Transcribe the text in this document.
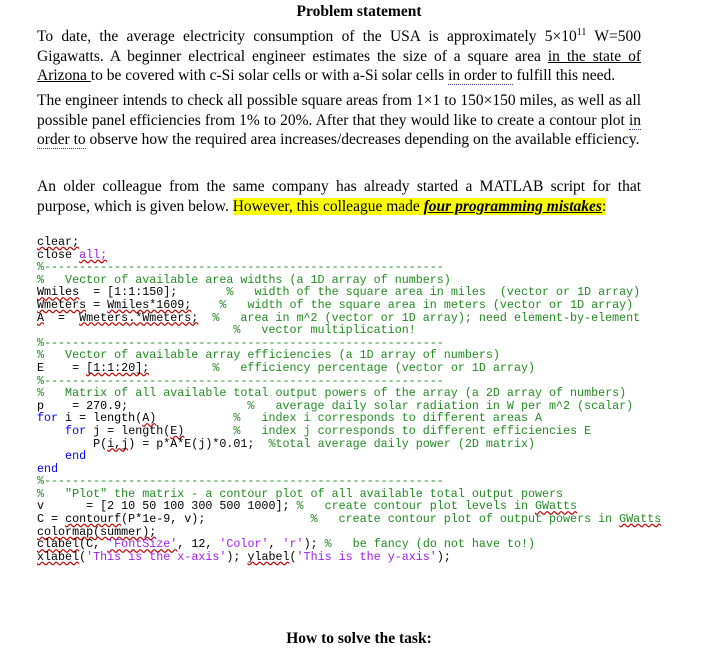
Problem statement
To date, the average electricity consumption of the USA is approximately $5\times 10^{11}$ W=500 Gigawatts. A beginner electrical engineer estimates the size of a square area in the state of Arizona to be covered with c-Si solar cells or with a-Si solar cells in order to fulfill this need.
The engineer intends to check all possible square areas from 1×1 to 150×150 miles, as well as all possible panel efficiencies from 1% to 20%. After that they would like to create a contour plot in order to observe how the required area increases/decreases depending on the available efficiency.
An older colleague from the same company has already started a MATLAB script for that purpose, which is given below. However, this colleague made four programming mistakes:
clear;
close all;
%---------------------------------------------------------
%   Vector of available area widths (a 1D array of numbers)
Wmiles  = [1:1:150];       %   width of the square area in miles  (vector or 1D array)
Wmeters = Wmiles*1609; %   width of the square area in meters (vector or 1D array)
A  =  Wmeters.*Wmeters; %   area in m^2 (vector or 1D array); need element-by-element
%   vector multiplication!
%---------------------------------------------------------
%   Vector of available array efficiencies (a 1D array of numbers)
E    = [1:1:20];         %   efficiency percentage (vector or 1D array)
%---------------------------------------------------------
%   Matrix of all available total output powers of the array (a 2D array of numbers)
p    = 270.9;                 %   average daily solar radiation in W per m^2 (scalar)
for i = length(A)	%   index i corresponds to different areas A
for j = length(E)	%   index j corresponds to different efficiencies E
P(i,j) = p*A*E(j)*0.01;  %total average daily power (2D matrix)
end
end
%---------------------------------------------------------
%   "Plot" the matrix - a contour plot of all available total output powers
v      = [2 10 50 100 300 500 1000]; %   create contour plot levels in GWatts
C = contourf(P*1e-9, v);               %   create contour plot of output powers in GWatts
colormap(summer);
clabel(C, 'FontSize', 12, 'Color', 'r'); %   be fancy (do not have to!)
xlabel('This is the x-axis'); ylabel('This is the y-axis');
How to solve the task:
